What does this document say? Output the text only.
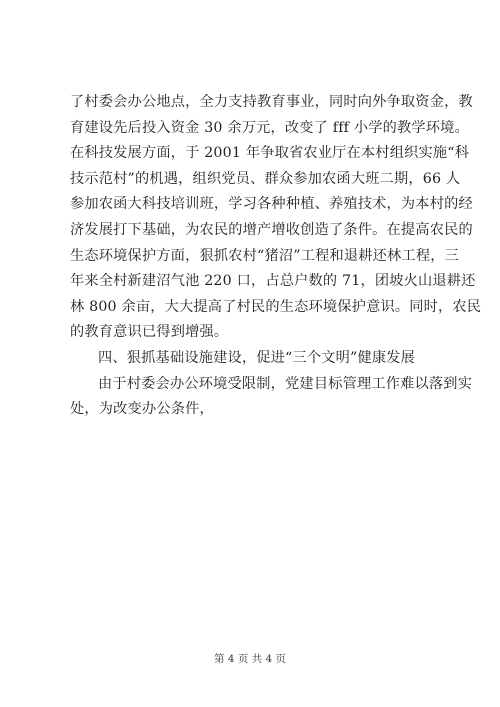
了村委会办公地点，全力支持教育事业，同时向外争取资金，教
育建设先后投入资金 30 余万元，改变了 fff 小学的教学环境。
在科技发展方面，于 2001 年争取省农业厅在本村组织实施“科
技示范村”的机遇，组织党员、群众参加农函大班二期，66 人
参加农函大科技培训班，学习各种种植、养殖技术，为本村的经
济发展打下基础，为农民的增产增收创造了条件。在提高农民的
生态环境保护方面，狠抓农村“猪沼”工程和退耕还林工程，三
年来全村新建沼气池 220 口，占总户数的 71，团坡火山退耕还
林 800 余亩，大大提高了村民的生态环境保护意识。同时，农民
的教育意识已得到增强。
四、狠抓基础设施建设，促进“三个文明”健康发展
由于村委会办公环境受限制，党建目标管理工作难以落到实
处，为改变办公条件，
第 4 页 共 4 页
